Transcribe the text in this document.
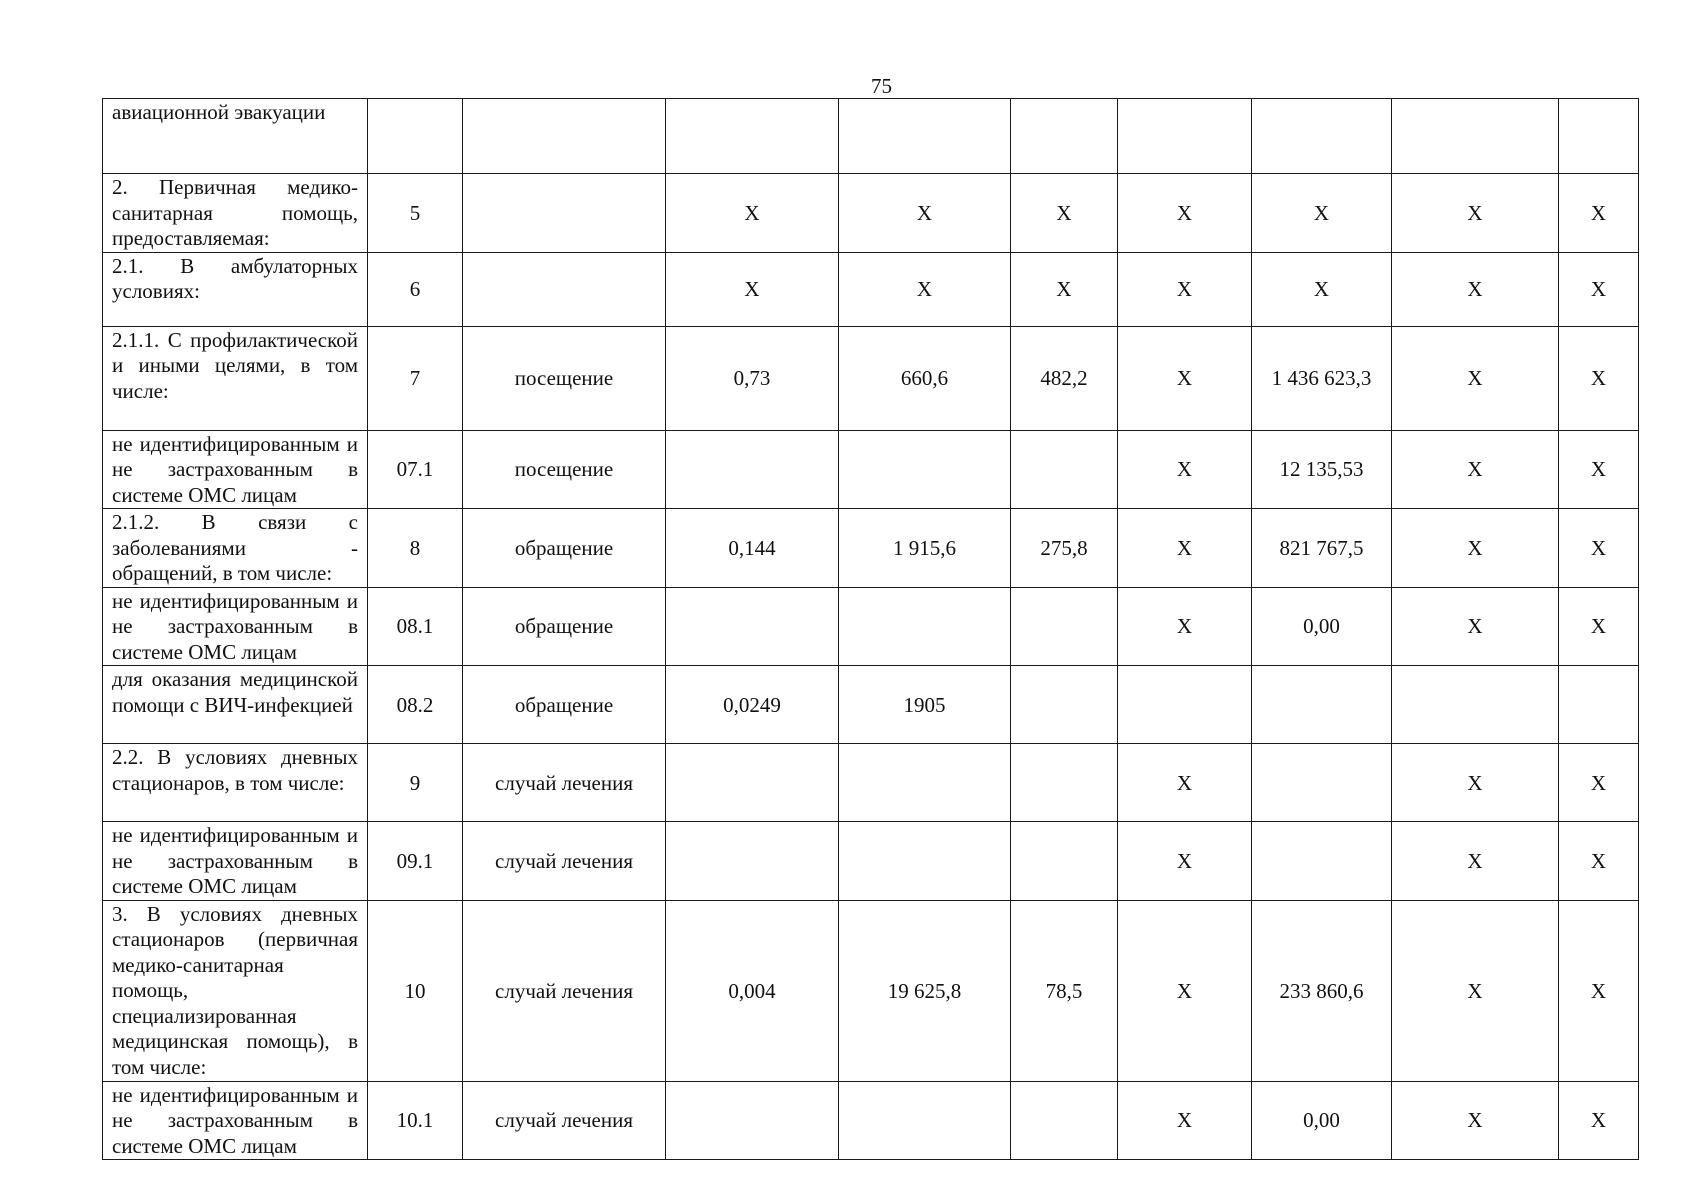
75
авиационной эвакуации									
2. Первичная медико-санитарная помощь, предоставляемая:	5		X	X	X	X	X	X	X
2.1. В амбулаторных условиях:	6		X	X	X	X	X	X	X
2.1.1. С профилактической и иными целями, в том числе:	7	посещение	0,73	660,6	482,2	X	1 436 623,3	X	X
не идентифицированным и не застрахованным в системе ОМС лицам	07.1	посещение				X	12 135,53	X	X
2.1.2. В связи с заболеваниями - обращений, в том числе:	8	обращение	0,144	1 915,6	275,8	X	821 767,5	X	X
не идентифицированным и не застрахованным в системе ОМС лицам	08.1	обращение				X	0,00	X	X
для оказания медицинской помощи с ВИЧ-инфекцией	08.2	обращение	0,0249	1905					
2.2. В условиях дневных стационаров, в том числе:	9	случай лечения				X		X	X
не идентифицированным и не застрахованным в системе ОМС лицам	09.1	случай лечения				X		X	X
3. В условиях дневных стационаров (первичная медико-санитарная помощь, специализированная медицинская помощь), в том числе:	10	случай лечения	0,004	19 625,8	78,5	X	233 860,6	X	X
не идентифицированным и не застрахованным в системе ОМС лицам	10.1	случай лечения				X	0,00	X	X
